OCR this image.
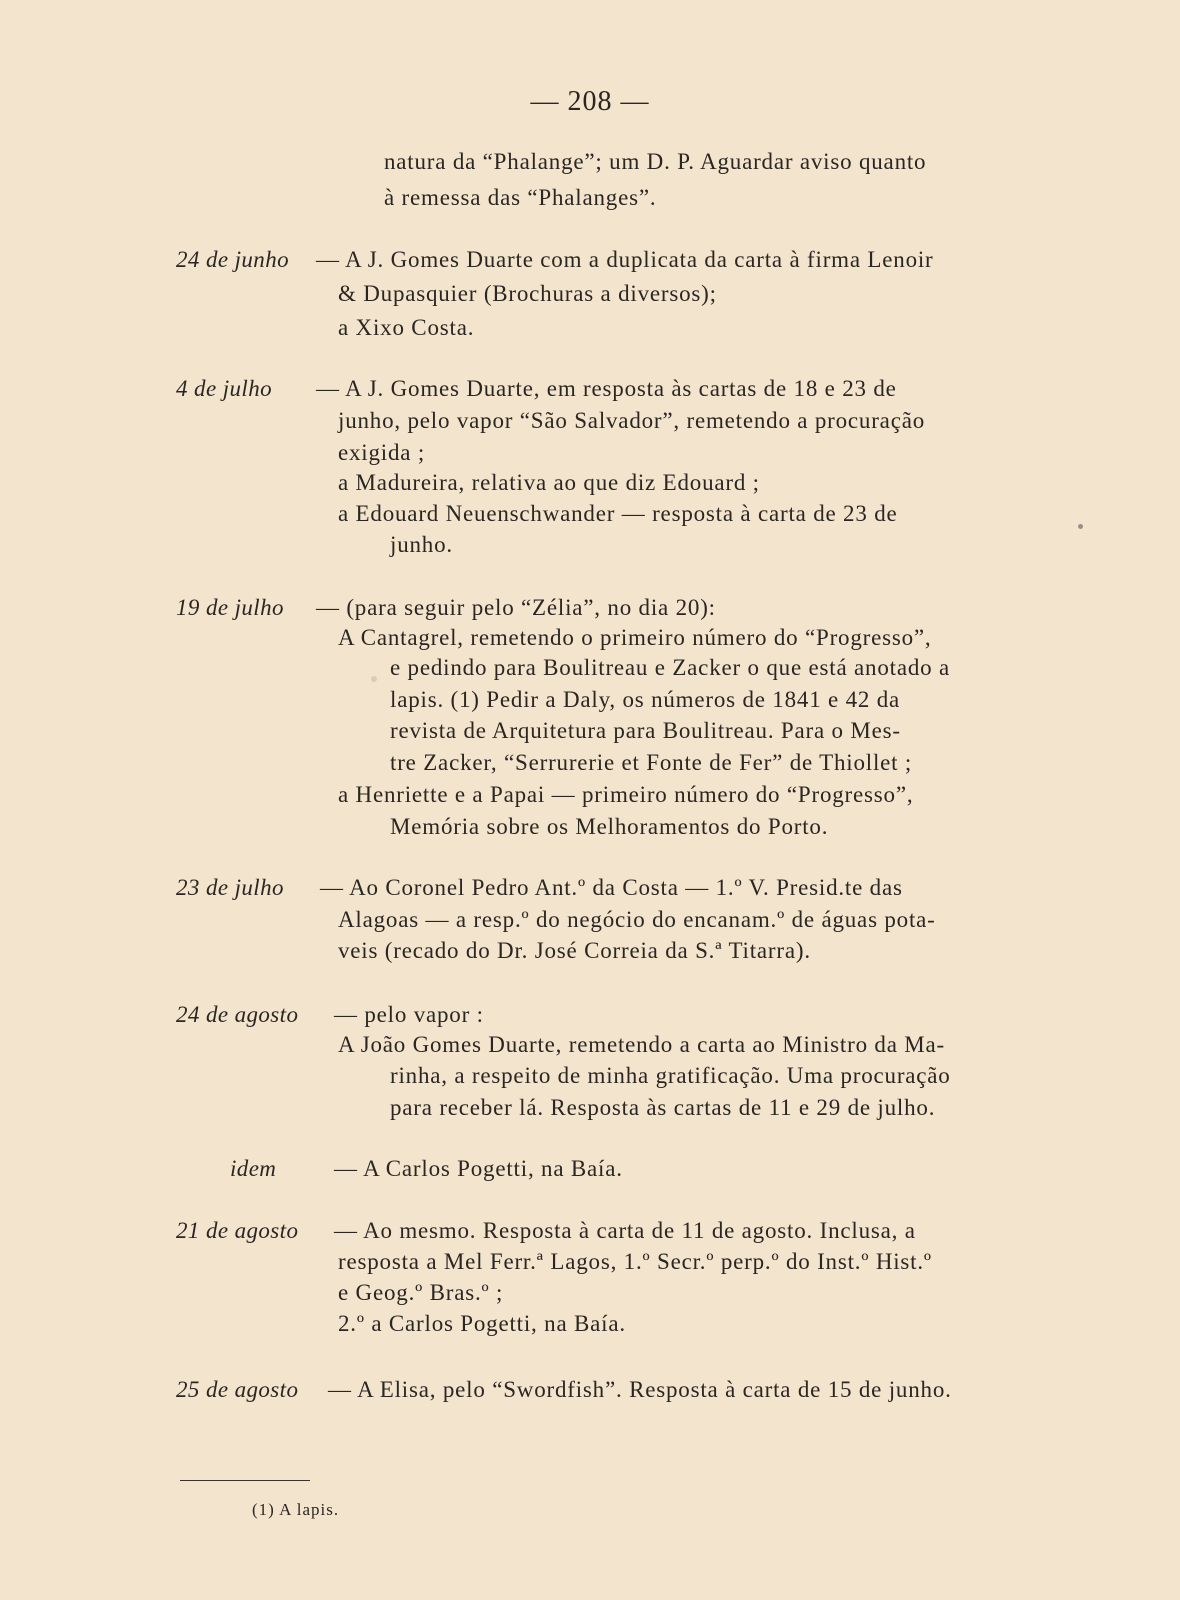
— 208 —
natura da “Phalange”; um D. P. Aguardar aviso quanto
à remessa das “Phalanges”.
24 de junho — A J. Gomes Duarte com a duplicata da carta à firma Lenoir
& Dupasquier (Brochuras a diversos);
a Xixo Costa.
4 de julho — A J. Gomes Duarte, em resposta às cartas de 18 e 23 de
junho, pelo vapor “São Salvador”, remetendo a procuração
exigida ;
a Madureira, relativa ao que diz Edouard ;
a Edouard Neuenschwander — resposta à carta de 23 de
junho.
19 de julho — (para seguir pelo “Zélia”, no dia 20):
A Cantagrel, remetendo o primeiro número do “Progresso”,
e pedindo para Boulitreau e Zacker o que está anotado a
lapis. (1) Pedir a Daly, os números de 1841 e 42 da
revista de Arquitetura para Boulitreau. Para o Mes-
tre Zacker, “Serrurerie et Fonte de Fer” de Thiollet ;
a Henriette e a Papai — primeiro número do “Progresso”,
Memória sobre os Melhoramentos do Porto.
23 de julho — Ao Coronel Pedro Ant.º da Costa — 1.º V. Presid.te das
Alagoas — a resp.º do negócio do encanam.º de águas pota-
veis (recado do Dr. José Correia da S.ª Titarra).
24 de agosto — pelo vapor :
A João Gomes Duarte, remetendo a carta ao Ministro da Ma-
rinha, a respeito de minha gratificação. Uma procuração
para receber lá. Resposta às cartas de 11 e 29 de julho.
idem	— A Carlos Pogetti, na Baía.
21 de agosto — Ao mesmo. Resposta à carta de 11 de agosto. Inclusa, a
resposta a Mel Ferr.ª Lagos, 1.º Secr.º perp.º do Inst.º Hist.º
e Geog.º Bras.º ;
2.º a Carlos Pogetti, na Baía.
25 de agosto — A Elisa, pelo “Swordfish”. Resposta à carta de 15 de junho.
(1) A lapis.
